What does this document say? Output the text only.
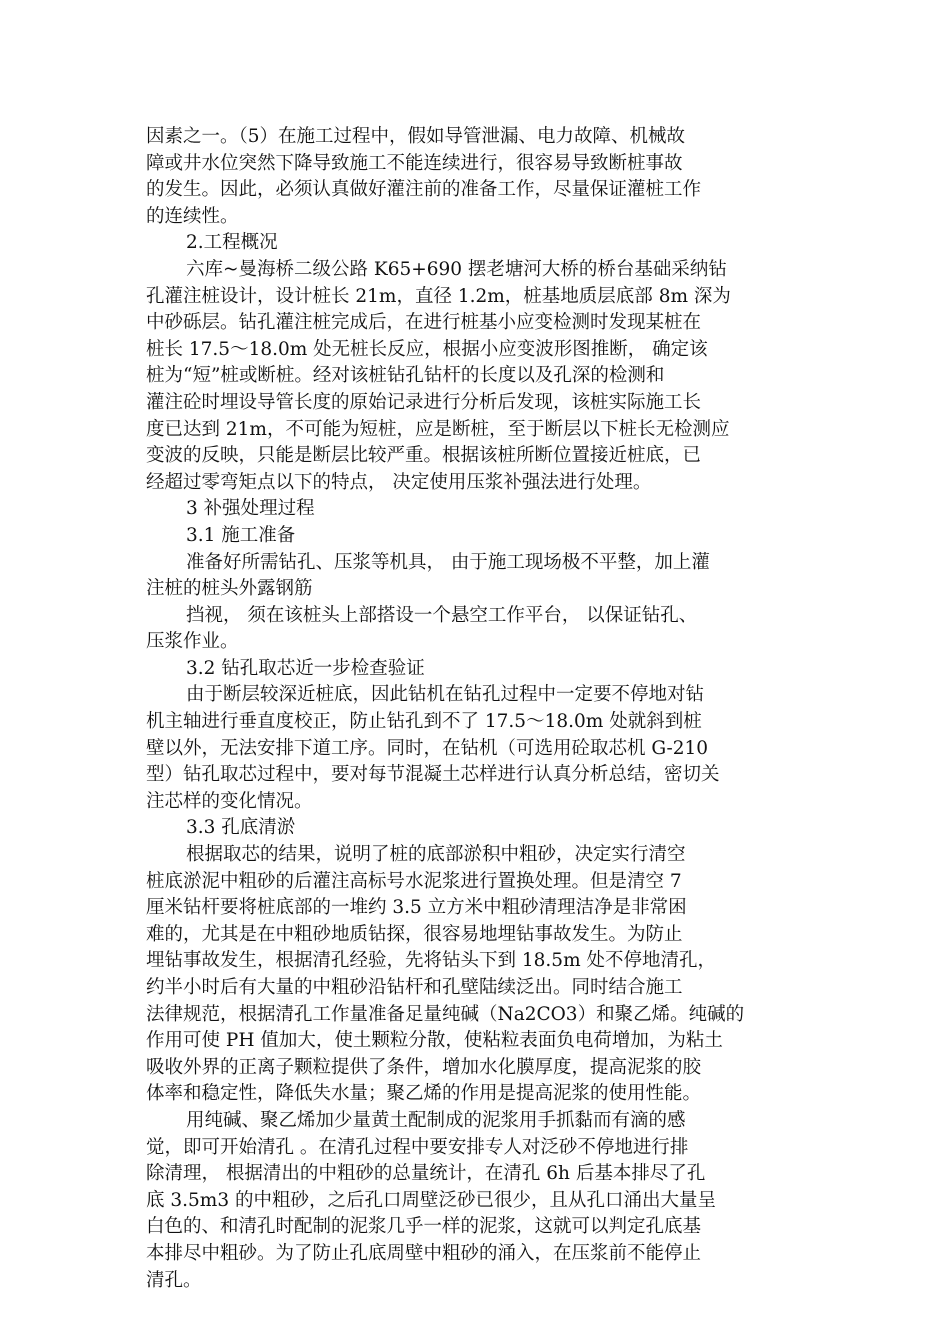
因素之一。（5）在施工过程中，假如导管泄漏、电力故障、机械故
障或井水位突然下降导致施工不能连续进行，很容易导致断桩事故
的发生。因此，必须认真做好灌注前的准备工作，尽量保证灌桩工作
的连续性。
2.工程概况
六库~曼海桥二级公路 K65+690 摆老塘河大桥的桥台基础采纳钻
孔灌注桩设计，设计桩长 21m，直径 1.2m，桩基地质层底部 8m 深为
中砂砾层。钻孔灌注桩完成后，在进行桩基小应变检测时发现某桩在
桩长 17.5～18.0m 处无桩长反应，根据小应变波形图推断， 确定该
桩为“短”桩或断桩。经对该桩钻孔钻杆的长度以及孔深的检测和
灌注砼时埋设导管长度的原始记录进行分析后发现，该桩实际施工长
度已达到 21m，不可能为短桩，应是断桩，至于断层以下桩长无检测应
变波的反映，只能是断层比较严重。根据该桩所断位置接近桩底，已
经超过零弯矩点以下的特点， 决定使用压浆补强法进行处理。
3 补强处理过程
3.1 施工准备
准备好所需钻孔、压浆等机具， 由于施工现场极不平整，加上灌
注桩的桩头外露钢筋
挡视， 须在该桩头上部搭设一个悬空工作平台， 以保证钻孔、
压浆作业。
3.2 钻孔取芯近一步检查验证
由于断层较深近桩底，因此钻机在钻孔过程中一定要不停地对钻
机主轴进行垂直度校正，防止钻孔到不了 17.5～18.0m 处就斜到桩
壁以外，无法安排下道工序。同时，在钻机（可选用砼取芯机 G-210
型）钻孔取芯过程中，要对每节混凝土芯样进行认真分析总结，密切关
注芯样的变化情况。
3.3 孔底清淤
根据取芯的结果，说明了桩的底部淤积中粗砂，决定实行清空
桩底淤泥中粗砂的后灌注高标号水泥浆进行置换处理。但是清空 7
厘米钻杆要将桩底部的一堆约 3.5 立方米中粗砂清理洁净是非常困
难的，尤其是在中粗砂地质钻探，很容易地埋钻事故发生。为防止
埋钻事故发生，根据清孔经验，先将钻头下到 18.5m 处不停地清孔，
约半小时后有大量的中粗砂沿钻杆和孔壁陆续泛出。同时结合施工
法律规范，根据清孔工作量准备足量纯碱（Na2CO3）和聚乙烯。纯碱的
作用可使 PH 值加大，使土颗粒分散，使粘粒表面负电荷增加，为粘土
吸收外界的正离子颗粒提供了条件，增加水化膜厚度，提高泥浆的胶
体率和稳定性，降低失水量；聚乙烯的作用是提高泥浆的使用性能。
用纯碱、聚乙烯加少量黄土配制成的泥浆用手抓黏而有滴的感
觉，即可开始清孔 。在清孔过程中要安排专人对泛砂不停地进行排
除清理， 根据清出的中粗砂的总量统计，在清孔 6h 后基本排尽了孔
底 3.5m3 的中粗砂，之后孔口周壁泛砂已很少，且从孔口涌出大量呈
白色的、和清孔时配制的泥浆几乎一样的泥浆，这就可以判定孔底基
本排尽中粗砂。为了防止孔底周壁中粗砂的涌入，在压浆前不能停止
清孔。
